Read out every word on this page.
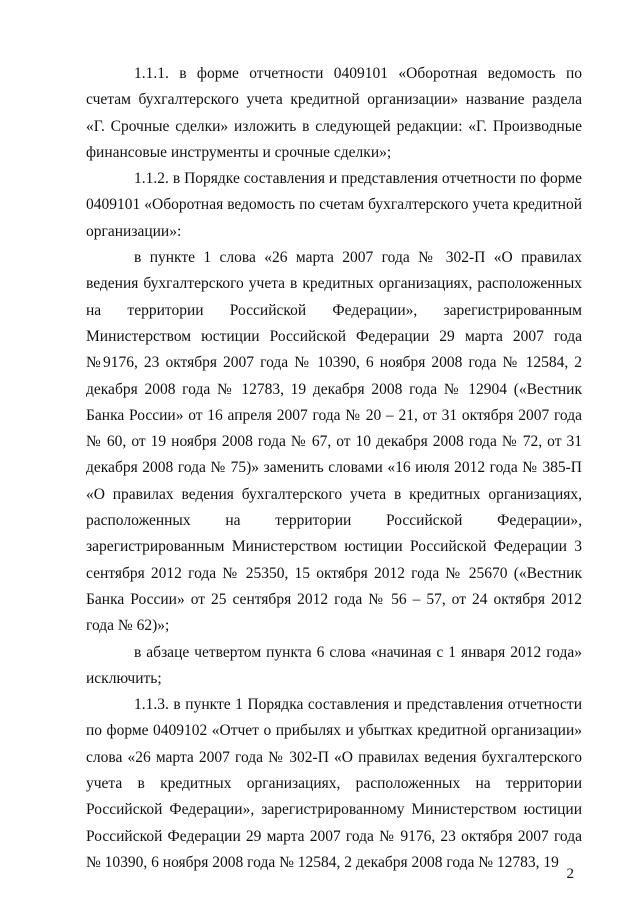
1.1.1. в форме отчетности 0409101 «Оборотная ведомость по счетам бухгалтерского учета кредитной организации» название раздела «Г. Срочные сделки» изложить в следующей редакции: «Г. Производные финансовые инструменты и срочные сделки»;

1.1.2. в Порядке составления и представления отчетности по форме 0409101 «Оборотная ведомость по счетам бухгалтерского учета кредитной организации»:

в пункте 1 слова «26 марта 2007 года № 302-П «О правилах ведения бухгалтерского учета в кредитных организациях, расположенных на территории Российской Федерации», зарегистрированным Министерством юстиции Российской Федерации 29 марта 2007 года №9176, 23 октября 2007 года № 10390, 6 ноября 2008 года № 12584, 2 декабря 2008 года № 12783, 19 декабря 2008 года № 12904 («Вестник Банка России» от 16 апреля 2007 года № 20 – 21, от 31 октября 2007 года № 60, от 19 ноября 2008 года № 67, от 10 декабря 2008 года № 72, от 31 декабря 2008 года № 75)» заменить словами «16 июля 2012 года № 385-П «О правилах ведения бухгалтерского учета в кредитных организациях, расположенных на территории Российской Федерации», зарегистрированным Министерством юстиции Российской Федерации 3 сентября 2012 года № 25350, 15 октября 2012 года № 25670 («Вестник Банка России» от 25 сентября 2012 года № 56 – 57, от 24 октября 2012 года № 62)»;

в абзаце четвертом пункта 6 слова «начиная с 1 января 2012 года» исключить;

1.1.3. в пункте 1 Порядка составления и представления отчетности по форме 0409102 «Отчет о прибылях и убытках кредитной организации» слова «26 марта 2007 года № 302-П «О правилах ведения бухгалтерского учета в кредитных организациях, расположенных на территории Российской Федерации», зарегистрированному Министерством юстиции Российской Федерации 29 марта 2007 года № 9176, 23 октября 2007 года № 10390, 6 ноября 2008 года № 12584, 2 декабря 2008 года № 12783, 19

2
